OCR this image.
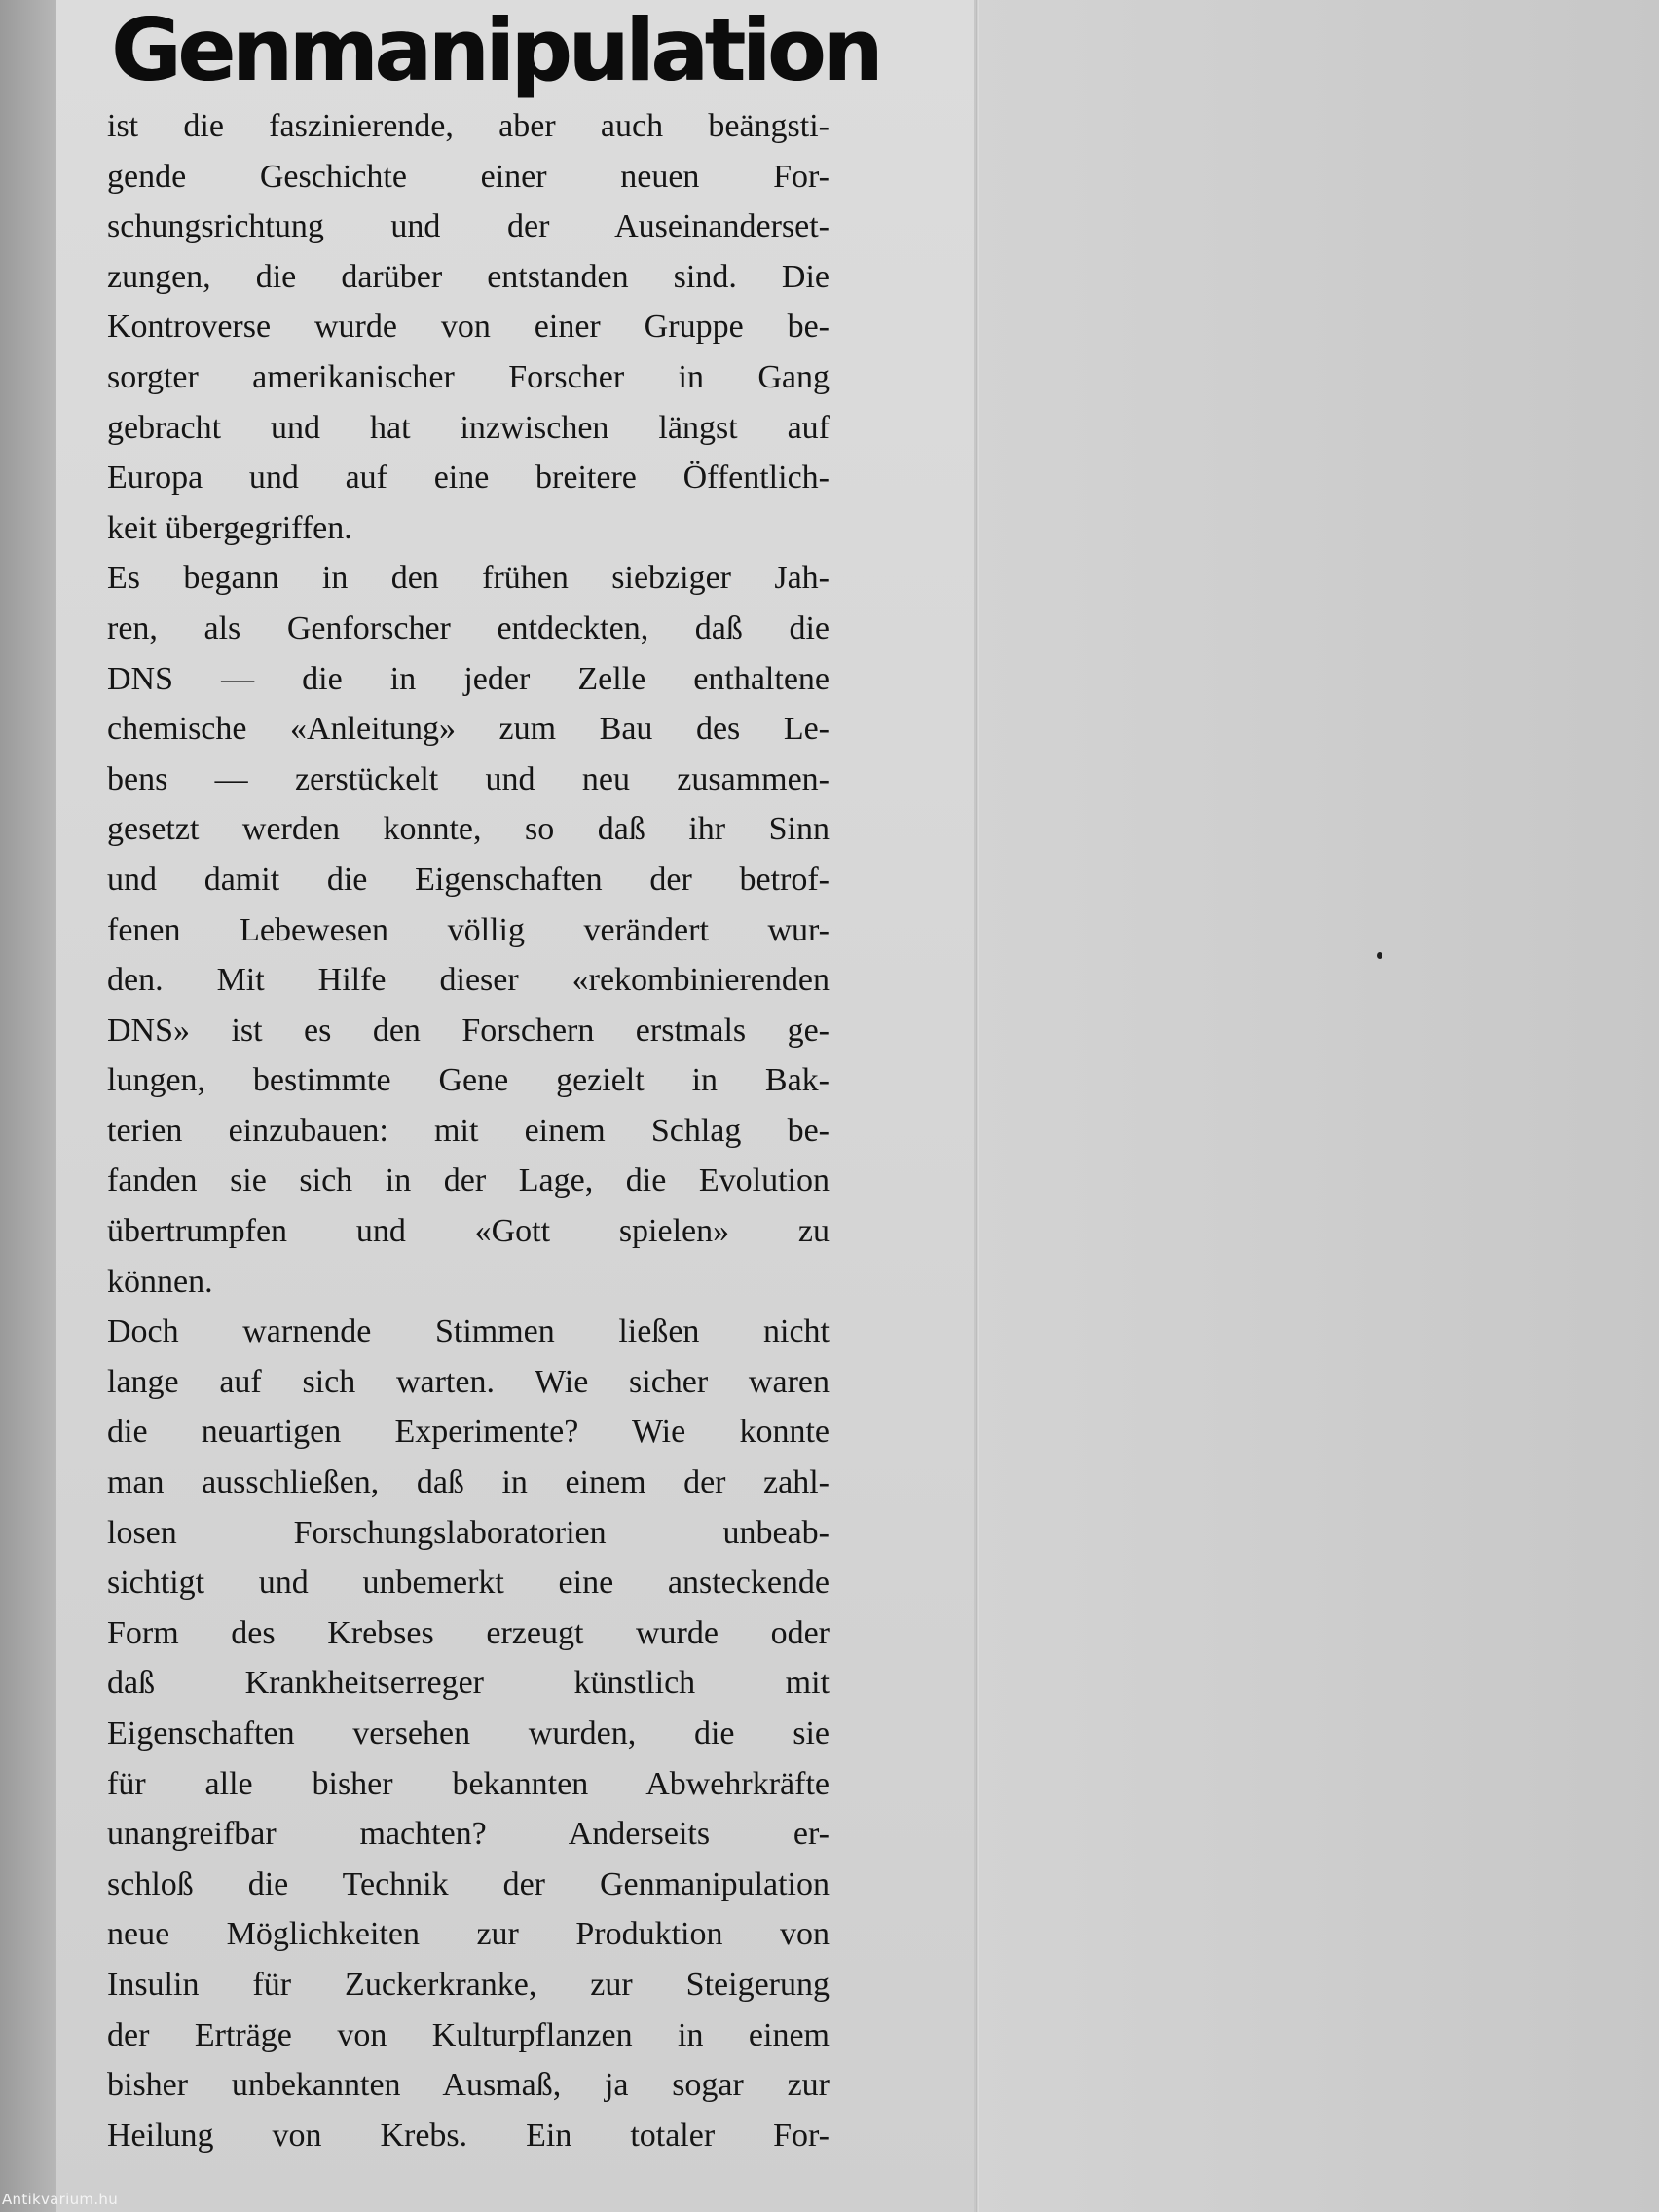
Genmanipulation
ist die faszinierende, aber auch beängsti-
gende Geschichte einer neuen For-
schungsrichtung und der Auseinanderset-
zungen, die darüber entstanden sind. Die
Kontroverse wurde von einer Gruppe be-
sorgter amerikanischer Forscher in Gang
gebracht und hat inzwischen längst auf
Europa und auf eine breitere Öffentlich-
keit übergegriffen.
Es begann in den frühen siebziger Jah-
ren, als Genforscher entdeckten, daß die
DNS — die in jeder Zelle enthaltene
chemische «Anleitung» zum Bau des Le-
bens — zerstückelt und neu zusammen-
gesetzt werden konnte, so daß ihr Sinn
und damit die Eigenschaften der betrof-
fenen Lebewesen völlig verändert wur-
den. Mit Hilfe dieser «rekombinierenden
DNS» ist es den Forschern erstmals ge-
lungen, bestimmte Gene gezielt in Bak-
terien einzubauen: mit einem Schlag be-
fanden sie sich in der Lage, die Evolution
übertrumpfen und «Gott spielen» zu
können.
Doch warnende Stimmen ließen nicht
lange auf sich warten. Wie sicher waren
die neuartigen Experimente? Wie konnte
man ausschließen, daß in einem der zahl-
losen Forschungslaboratorien unbeab-
sichtigt und unbemerkt eine ansteckende
Form des Krebses erzeugt wurde oder
daß Krankheitserreger künstlich mit
Eigenschaften versehen wurden, die sie
für alle bisher bekannten Abwehrkräfte
unangreifbar machten? Anderseits er-
schloß die Technik der Genmanipulation
neue Möglichkeiten zur Produktion von
Insulin für Zuckerkranke, zur Steigerung
der Erträge von Kulturpflanzen in einem
bisher unbekannten Ausmaß, ja sogar zur
Heilung von Krebs. Ein totaler For-
Antikvarium.hu
